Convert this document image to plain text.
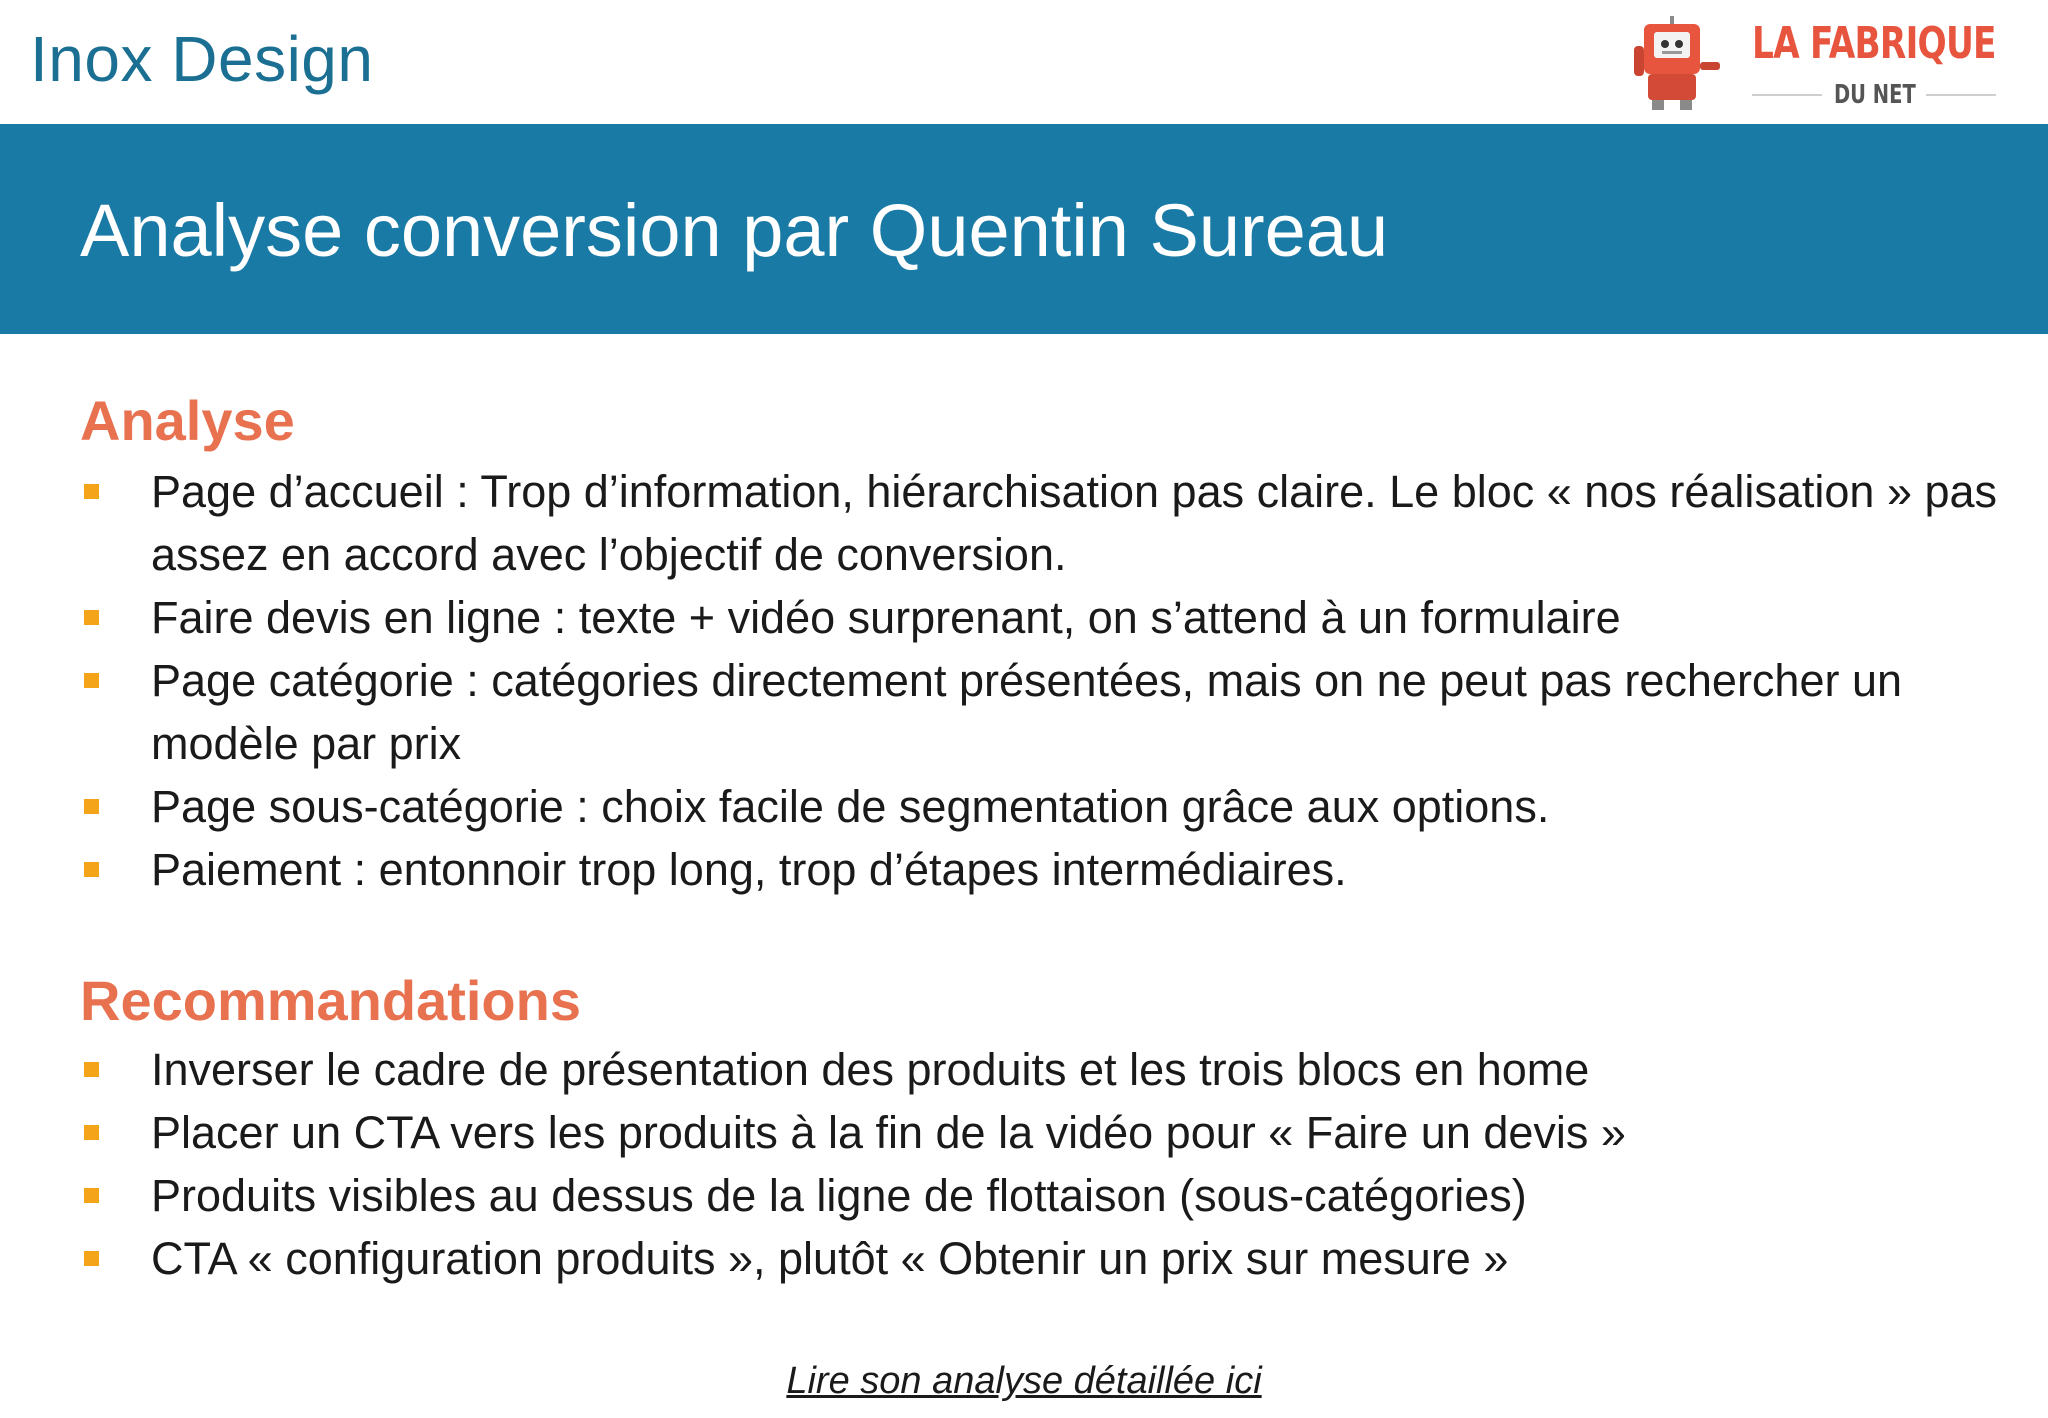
Inox Design	LA FABRIQUE
DU NET
Analyse conversion par Quentin Sureau
Analyse
Page d’accueil : Trop d’information, hiérarchisation pas claire. Le bloc « nos réalisation » pas assez en accord avec l’objectif de conversion.
Faire devis en ligne : texte + vidéo surprenant, on s’attend à un formulaire
Page catégorie : catégories directement présentées, mais on ne peut pas rechercher un modèle par prix
Page sous-catégorie : choix facile de segmentation grâce aux options.
Paiement : entonnoir trop long, trop d’étapes intermédiaires.
Recommandations
Inverser le cadre de présentation des produits et les trois blocs en home
Placer un CTA vers les produits à la fin de la vidéo pour « Faire un devis »
Produits visibles au dessus de la ligne de flottaison (sous-catégories)
CTA « configuration produits », plutôt « Obtenir un prix sur mesure »
Lire son analyse détaillée ici
